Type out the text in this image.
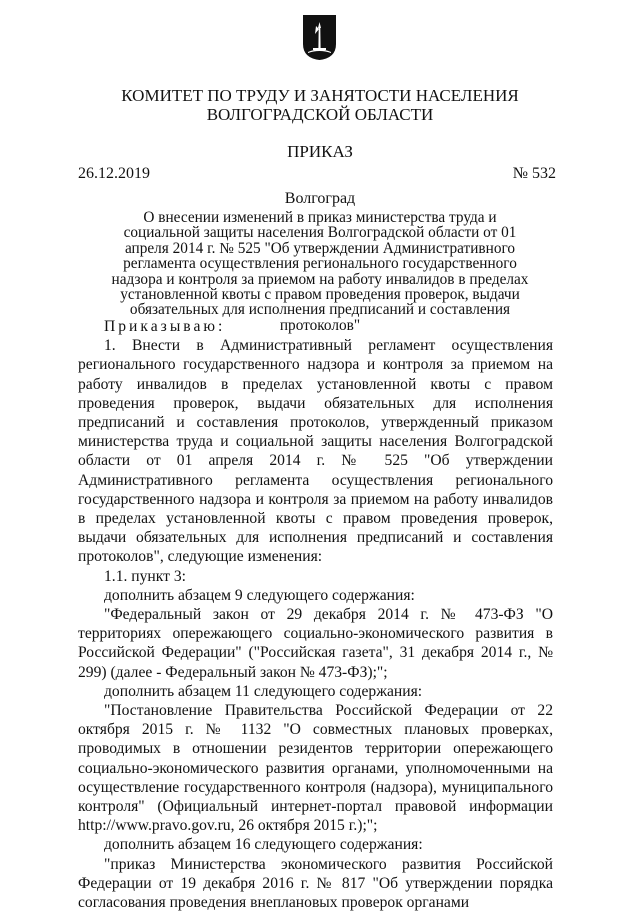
КОМИТЕТ ПО ТРУДУ И ЗАНЯТОСТИ НАСЕЛЕНИЯ
ВОЛГОГРАДСКОЙ ОБЛАСТИ
ПРИКАЗ
26.12.2019	№ 532
Волгоград
О внесении изменений в приказ министерства труда и социальной защиты населения Волгоградской области от 01 апреля 2014 г. № 525 "Об утверждении Административного регламента осуществления регионального государственного надзора и контроля за приемом на работу инвалидов в пределах установленной квоты с правом проведения проверок, выдачи обязательных для исполнения предписаний и составления протоколов"

Приказываю:

1. Внести в Административный регламент осуществления регионального государственного надзора и контроля за приемом на работу инвалидов в пределах установленной квоты с правом проведения проверок, выдачи обязательных для исполнения предписаний и составления протоколов, утвержденный приказом министерства труда и социальной защиты населения Волгоградской области от 01 апреля 2014 г. № 525 "Об утверждении Административного регламента осуществления регионального государственного надзора и контроля за приемом на работу инвалидов в пределах установленной квоты с правом проведения проверок, выдачи обязательных для исполнения предписаний и составления протоколов", следующие изменения:

1.1. пункт 3:

дополнить абзацем 9 следующего содержания:

"Федеральный закон от 29 декабря 2014 г. № 473-ФЗ "О территориях опережающего социально-экономического развития в Российской Федерации" ("Российская газета", 31 декабря 2014 г., № 299) (далее - Федеральный закон № 473-ФЗ);";

дополнить абзацем 11 следующего содержания:

"Постановление Правительства Российской Федерации от 22 октября 2015 г. № 1132 "О совместных плановых проверках, проводимых в отношении резидентов территории опережающего социально-экономического развития органами, уполномоченными на осуществление государственного контроля (надзора), муниципального контроля" (Официальный интернет-портал правовой информации http://www.pravo.gov.ru, 26 октября 2015 г.);";

дополнить абзацем 16 следующего содержания:

"приказ Министерства экономического развития Российской Федерации от 19 декабря 2016 г. № 817 "Об утверждении порядка согласования проведения внеплановых проверок органами
